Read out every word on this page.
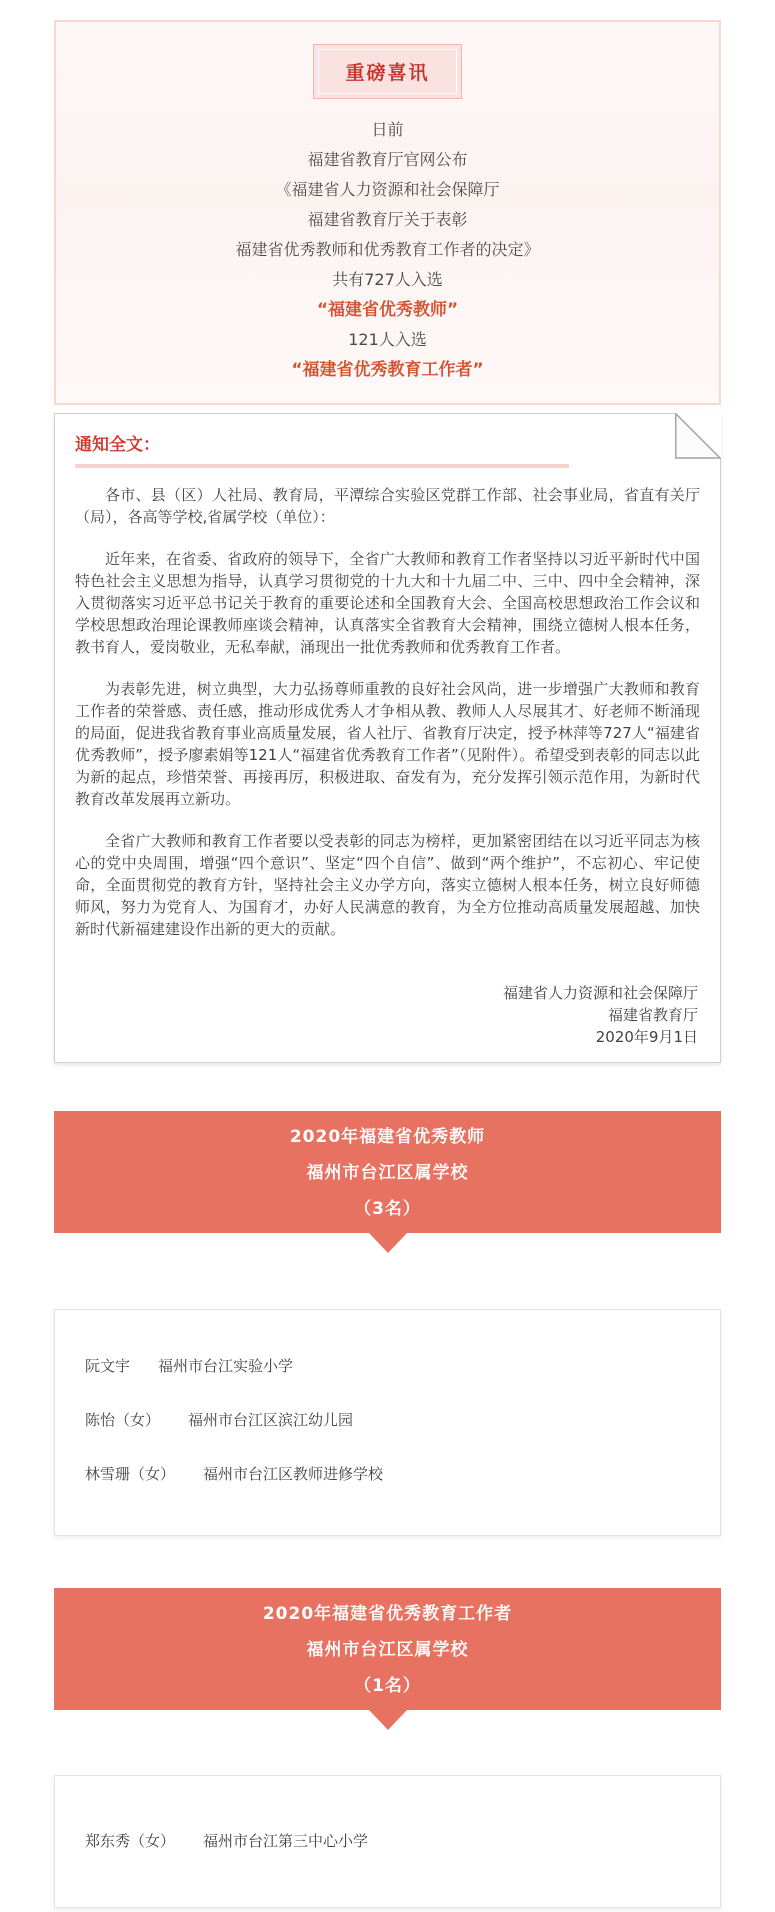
重磅喜讯
日前
福建省教育厅官网公布
《福建省人力资源和社会保障厅
福建省教育厅关于表彰
福建省优秀教师和优秀教育工作者的决定》
共有727人入选
“福建省优秀教师”
121人入选
“福建省优秀教育工作者”
通知全文：

各市、县（区）人社局、教育局，平潭综合实验区党群工作部、社会事业局，省直有关厅（局），各高等学校,省属学校（单位）：

近年来，在省委、省政府的领导下，全省广大教师和教育工作者坚持以习近平新时代中国特色社会主义思想为指导，认真学习贯彻党的十九大和十九届二中、三中、四中全会精神，深入贯彻落实习近平总书记关于教育的重要论述和全国教育大会、全国高校思想政治工作会议和学校思想政治理论课教师座谈会精神，认真落实全省教育大会精神，围绕立德树人根本任务，教书育人，爱岗敬业，无私奉献，涌现出一批优秀教师和优秀教育工作者。

为表彰先进，树立典型，大力弘扬尊师重教的良好社会风尚，进一步增强广大教师和教育工作者的荣誉感、责任感，推动形成优秀人才争相从教、教师人人尽展其才、好老师不断涌现的局面，促进我省教育事业高质量发展，省人社厅、省教育厅决定，授予林萍等727人“福建省优秀教师”，授予廖素娟等121人“福建省优秀教育工作者”（见附件）。希望受到表彰的同志以此为新的起点，珍惜荣誉、再接再厉，积极进取、奋发有为，充分发挥引领示范作用，为新时代教育改革发展再立新功。

全省广大教师和教育工作者要以受表彰的同志为榜样，更加紧密团结在以习近平同志为核心的党中央周围，增强“四个意识”、坚定“四个自信”、做到“两个维护”，不忘初心、牢记使命，全面贯彻党的教育方针，坚持社会主义办学方向，落实立德树人根本任务，树立良好师德师风，努力为党育人、为国育才，办好人民满意的教育，为全方位推动高质量发展超越、加快新时代新福建建设作出新的更大的贡献。

福建省人力资源和社会保障厅
福建省教育厅
2020年9月1日
2020年福建省优秀教师
福州市台江区属学校
（3名）
阮文宇 福州市台江实验小学
陈怡（女） 福州市台江区滨江幼儿园
林雪珊（女） 福州市台江区教师进修学校
2020年福建省优秀教育工作者
福州市台江区属学校
（1名）
郑东秀（女） 福州市台江第三中心小学
